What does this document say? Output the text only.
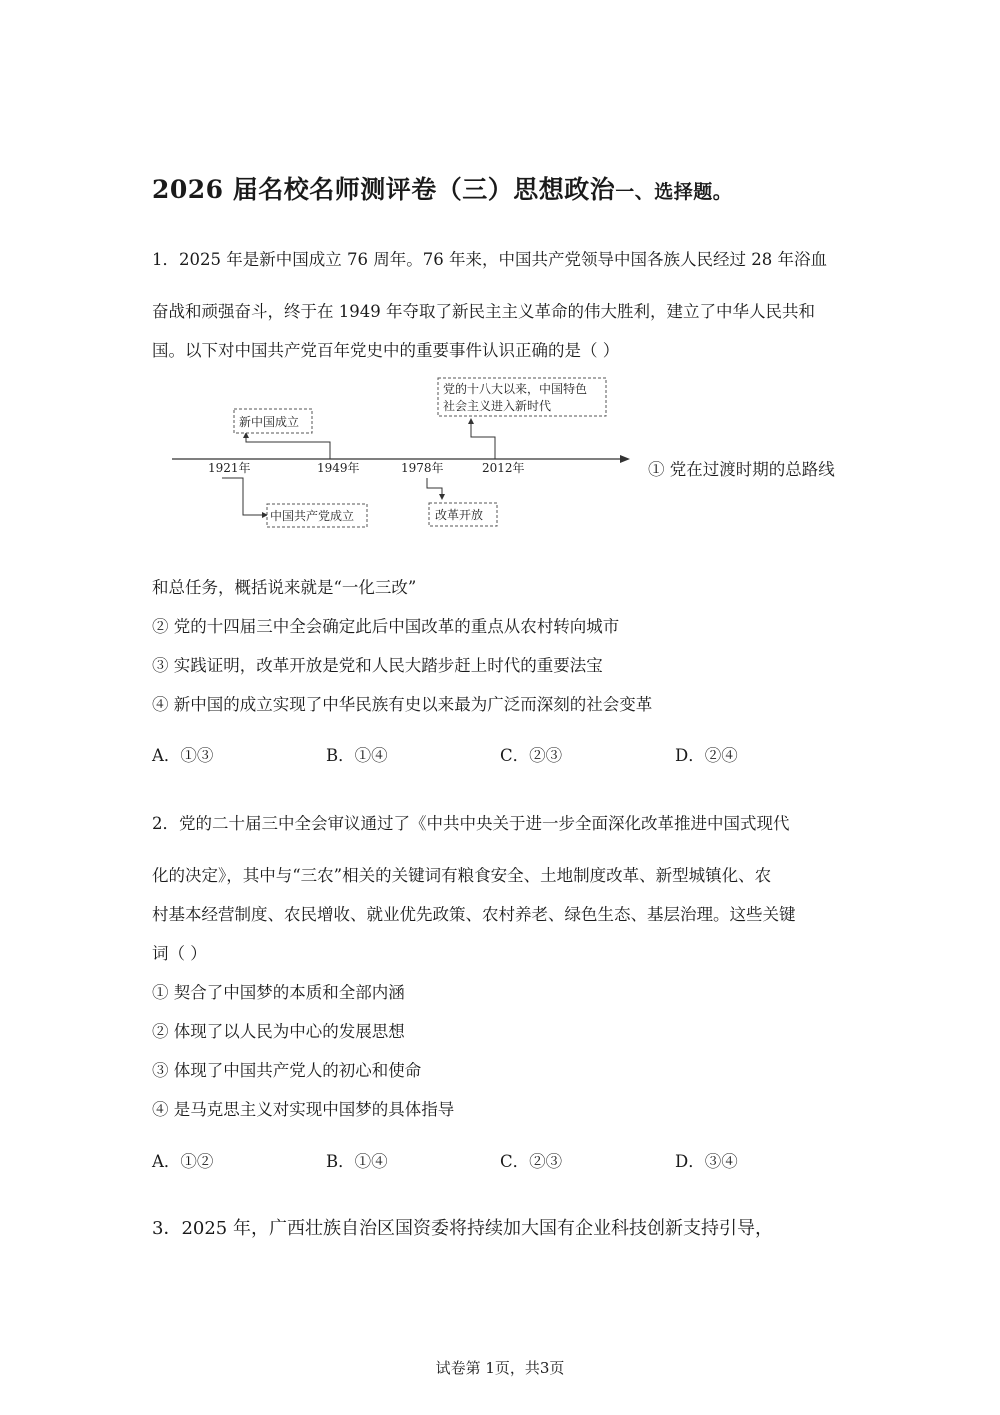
2026 届名校名师测评卷（三）思想政治一、选择题。
1．2025 年是新中国成立 76 周年。76 年来，中国共产党领导中国各族人民经过 28 年浴血
奋战和顽强奋斗，终于在 1949 年夺取了新民主主义革命的伟大胜利，建立了中华人民共和
国。以下对中国共产党百年党史中的重要事件认识正确的是（ ）
1921年	1949年	1978年	2012年
新中国成立
中国共产党成立	改革开放
党的十八大以来，中国特色
社会主义进入新时代
① 党在过渡时期的总路线
和总任务，概括说来就是“一化三改”
② 党的十四届三中全会确定此后中国改革的重点从农村转向城市
③ 实践证明，改革开放是党和人民大踏步赶上时代的重要法宝
④ 新中国的成立实现了中华民族有史以来最为广泛而深刻的社会变革
A．①③	B．①④	C．②③	D．②④
2．党的二十届三中全会审议通过了《中共中央关于进一步全面深化改革推进中国式现代
化的决定》，其中与“三农”相关的关键词有粮食安全、土地制度改革、新型城镇化、农
村基本经营制度、农民增收、就业优先政策、农村养老、绿色生态、基层治理。这些关键
词（ ）
① 契合了中国梦的本质和全部内涵
② 体现了以人民为中心的发展思想
③ 体现了中国共产党人的初心和使命
④ 是马克思主义对实现中国梦的具体指导
A．①②	B．①④	C．②③	D．③④
3．2025 年，广西壮族自治区国资委将持续加大国有企业科技创新支持引导，
试卷第 1页，共3页
